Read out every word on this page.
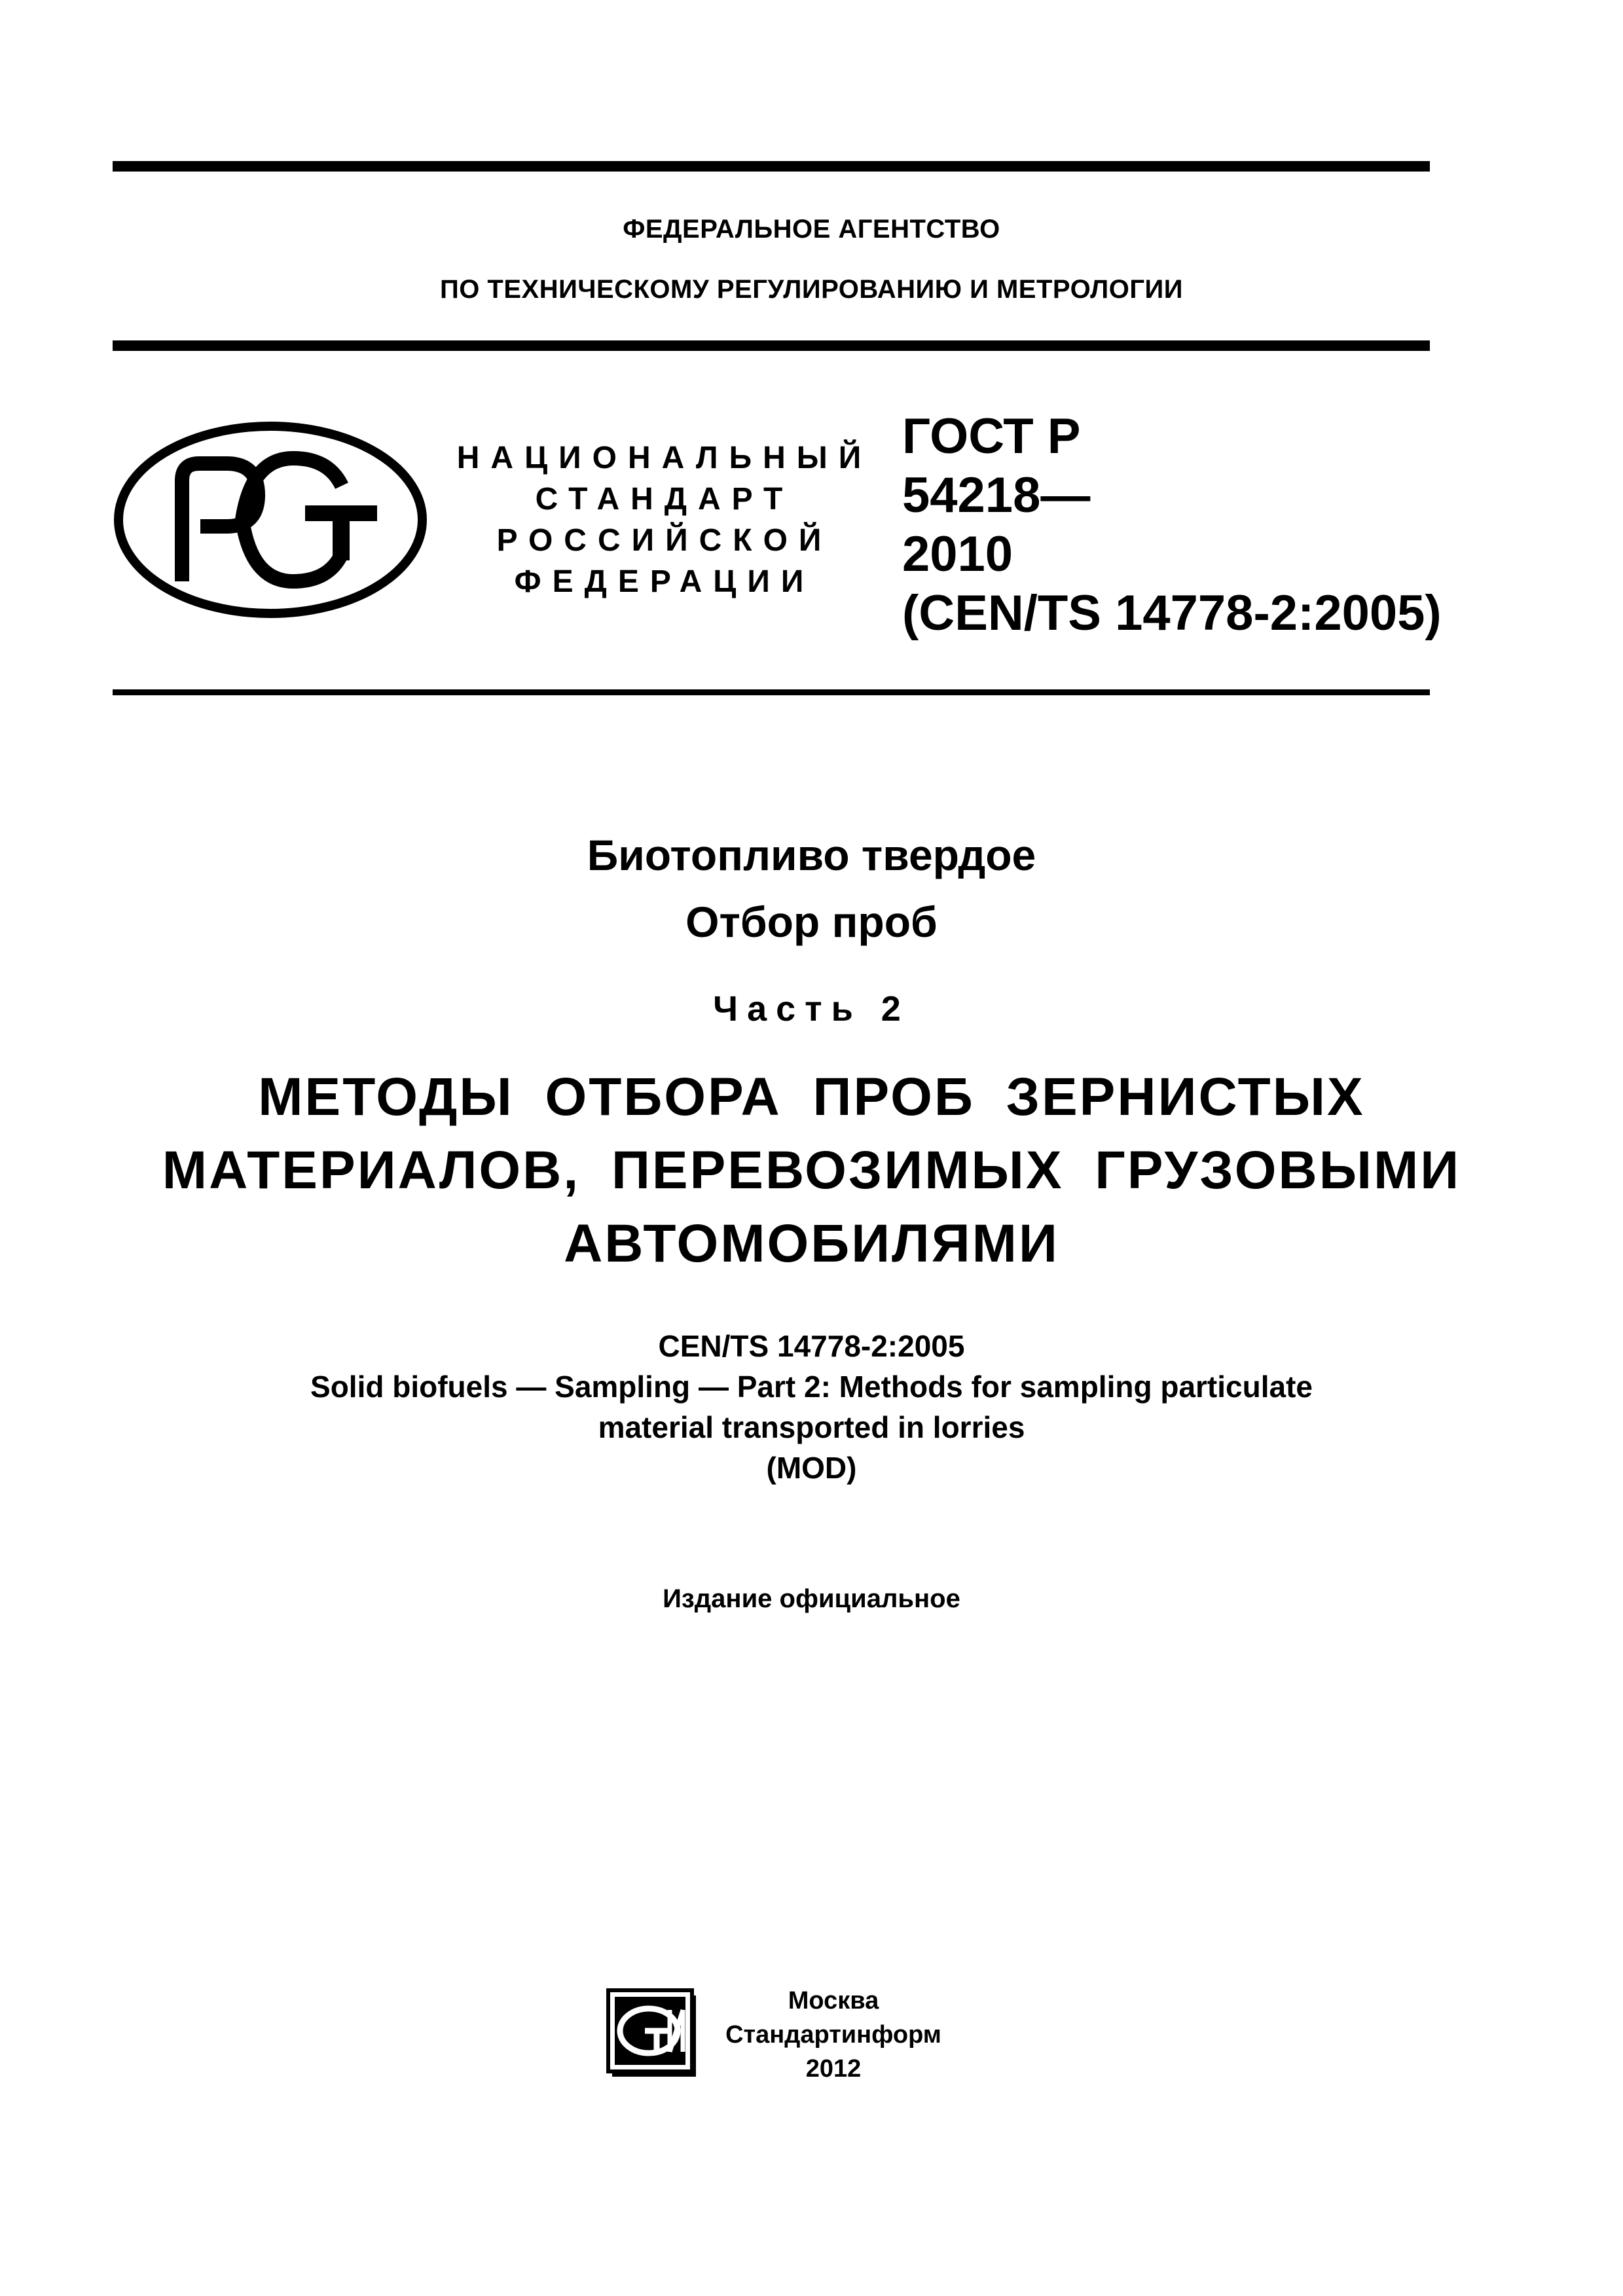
ФЕДЕРАЛЬНОЕ АГЕНТСТВО
ПО ТЕХНИЧЕСКОМУ РЕГУЛИРОВАНИЮ И МЕТРОЛОГИИ
НАЦИОНАЛЬНЫЙ
СТАНДАРТ
РОССИЙСКОЙ
ФЕДЕРАЦИИ
ГОСТ Р
54218—
2010
(CEN/TS 14778-2:2005)
Биотопливо твердое
Отбор проб
Часть 2
МЕТОДЫ ОТБОРА ПРОБ ЗЕРНИСТЫХ
МАТЕРИАЛОВ, ПЕРЕВОЗИМЫХ ГРУЗОВЫМИ
АВТОМОБИЛЯМИ
CEN/TS 14778-2:2005
Solid biofuels — Sampling — Part 2: Methods for sampling particulate
material transported in lorries
(MOD)
Издание официальное
Москва
Стандартинформ
2012
